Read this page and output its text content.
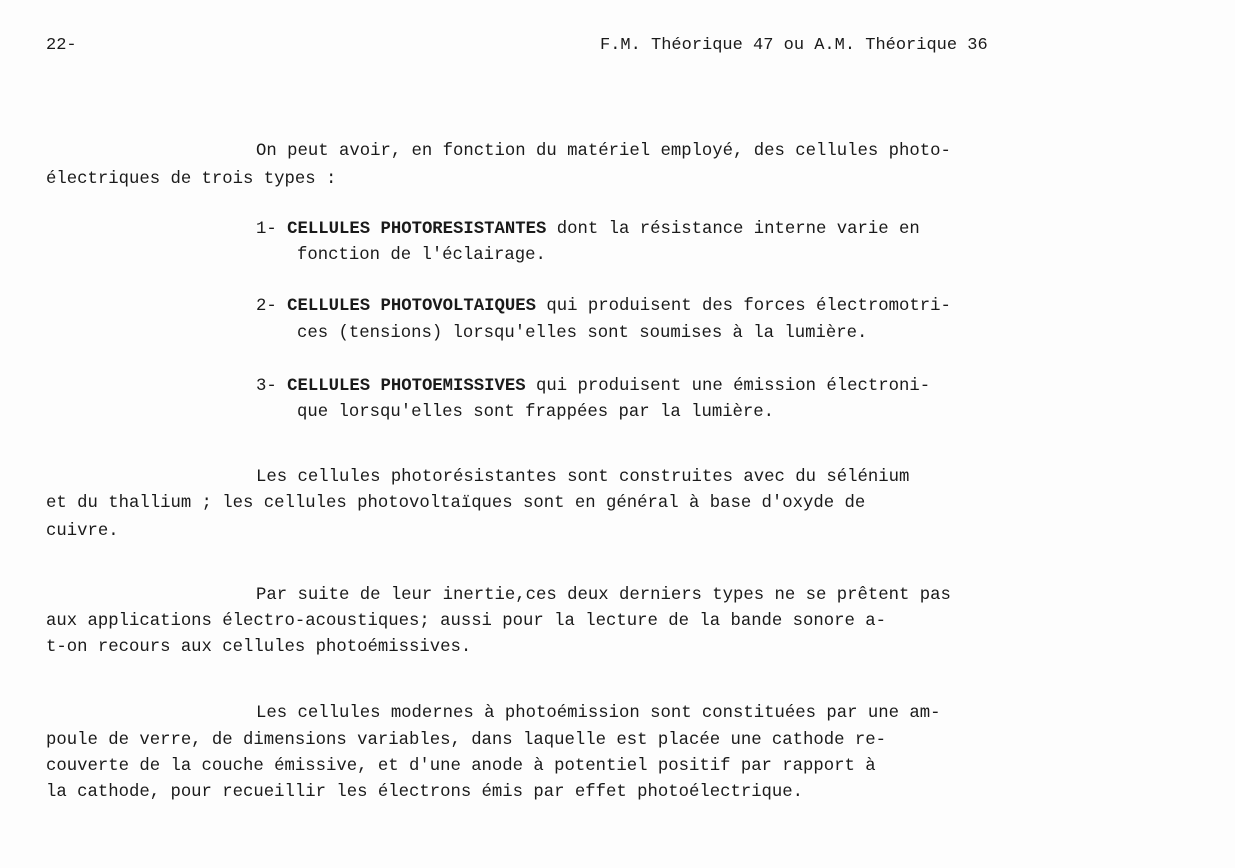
22-	F.M. Théorique 47 ou A.M. Théorique 36
On peut avoir, en fonction du matériel employé, des cellules photo-
électriques de trois types :
1- CELLULES PHOTORESISTANTES dont la résistance interne varie en
fonction de l'éclairage.
2- CELLULES PHOTOVOLTAIQUES qui produisent des forces électromotri-
ces (tensions) lorsqu'elles sont soumises à la lumière.
3- CELLULES PHOTOEMISSIVES qui produisent une émission électroni-
que lorsqu'elles sont frappées par la lumière.
Les cellules photorésistantes sont construites avec du sélénium
et du thallium ; les cellules photovoltaïques sont en général à base d'oxyde de
cuivre.
Par suite de leur inertie,ces deux derniers types ne se prêtent pas
aux applications électro-acoustiques; aussi pour la lecture de la bande sonore a-
t-on recours aux cellules photoémissives.
Les cellules modernes à photoémission sont constituées par une am-
poule de verre, de dimensions variables, dans laquelle est placée une cathode re-
couverte de la couche émissive, et d'une anode à potentiel positif par rapport à
la cathode, pour recueillir les électrons émis par effet photoélectrique.
